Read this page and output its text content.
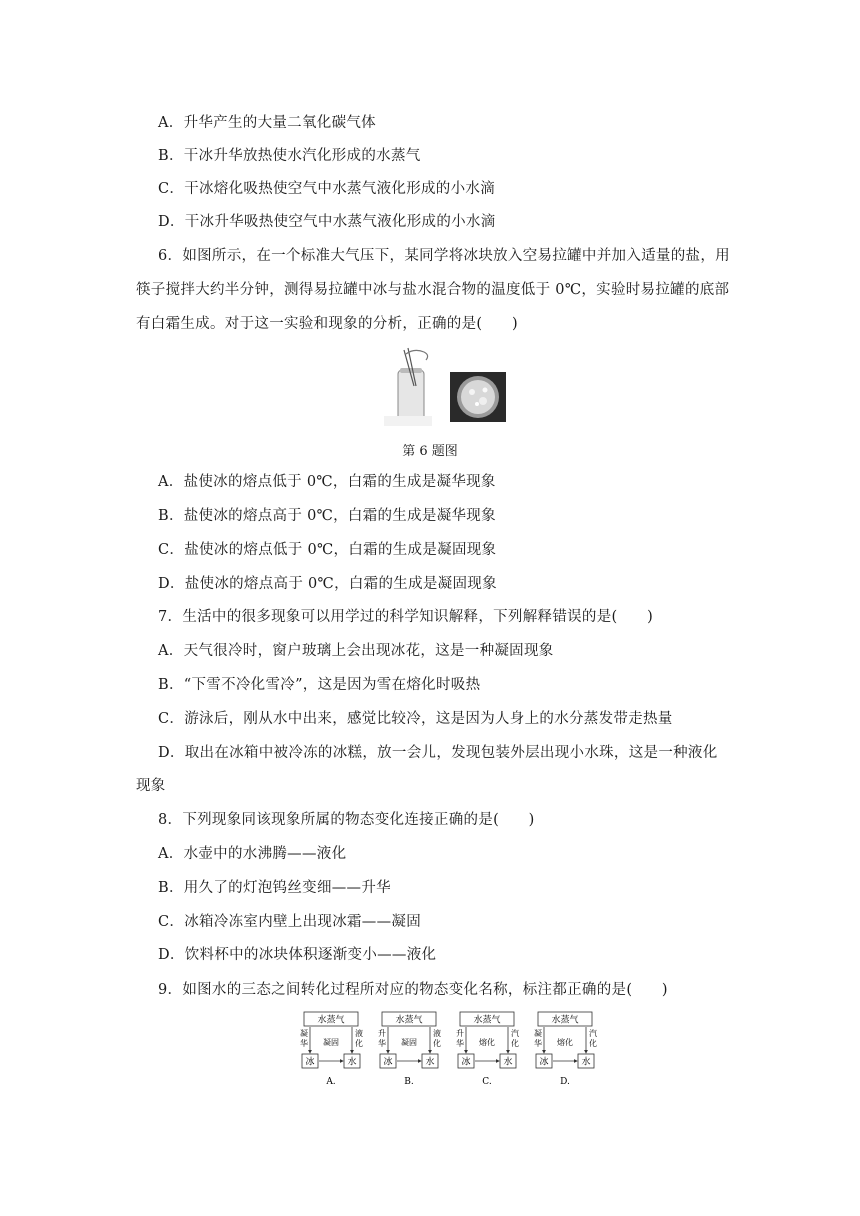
A．升华产生的大量二氧化碳气体
B．干冰升华放热使水汽化形成的水蒸气
C．干冰熔化吸热使空气中水蒸气液化形成的小水滴
D．干冰升华吸热使空气中水蒸气液化形成的小水滴
6．如图所示，在一个标准大气压下，某同学将冰块放入空易拉罐中并加入适量的盐，用
筷子搅拌大约半分钟，测得易拉罐中冰与盐水混合物的温度低于 0℃，实验时易拉罐的底部
有白霜生成。对于这一实验和现象的分析，正确的是(　　)
第 6 题图
A．盐使冰的熔点低于 0℃，白霜的生成是凝华现象
B．盐使冰的熔点高于 0℃，白霜的生成是凝华现象
C．盐使冰的熔点低于 0℃，白霜的生成是凝固现象
D．盐使冰的熔点高于 0℃，白霜的生成是凝固现象
7．生活中的很多现象可以用学过的科学知识解释，下列解释错误的是(　　)
A．天气很冷时，窗户玻璃上会出现冰花，这是一种凝固现象
B．“下雪不冷化雪冷”，这是因为雪在熔化时吸热
C．游泳后，刚从水中出来，感觉比较冷，这是因为人身上的水分蒸发带走热量
D．取出在冰箱中被冷冻的冰糕，放一会儿，发现包装外层出现小水珠，这是一种液化
现象
8．下列现象同该现象所属的物态变化连接正确的是(　　)
A．水壶中的水沸腾——液化
B．用久了的灯泡钨丝变细——升华
C．冰箱冷冻室内壁上出现冰霜——凝固
D．饮料杯中的冰块体积逐渐变小——液化
9．如图水的三态之间转化过程所对应的物态变化名称，标注都正确的是(　　)
水蒸气
冰	水
凝
华
液
化
凝固
A.
水蒸气
冰	水
升
华
液
化
凝固
B.
水蒸气
冰	水
升
华
汽
化
熔化
C.
水蒸气
冰	水
凝
华
汽
化
熔化
D.
